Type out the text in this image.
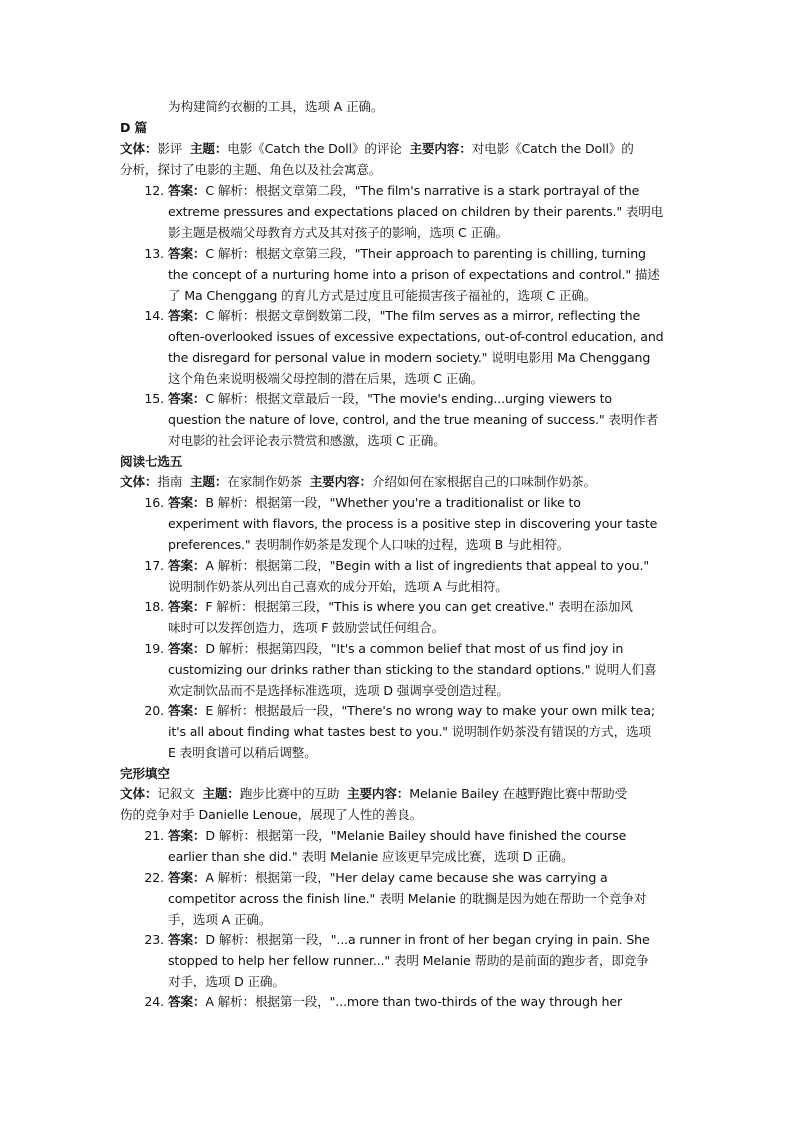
为构建简约衣橱的工具，选项 A 正确。
D 篇
文体：影评 主题：电影《Catch the Doll》的评论 主要内容：对电影《Catch the Doll》的
分析，探讨了电影的主题、角色以及社会寓意。
12. 答案：C 解析：根据文章第二段，"The film's narrative is a stark portrayal of the
extreme pressures and expectations placed on children by their parents." 表明电
影主题是极端父母教育方式及其对孩子的影响，选项 C 正确。
13. 答案：C 解析：根据文章第三段，"Their approach to parenting is chilling, turning
the concept of a nurturing home into a prison of expectations and control." 描述
了 Ma Chenggang 的育儿方式是过度且可能损害孩子福祉的，选项 C 正确。
14. 答案：C 解析：根据文章倒数第二段，"The film serves as a mirror, reflecting the
often-overlooked issues of excessive expectations, out-of-control education, and
the disregard for personal value in modern society." 说明电影用 Ma Chenggang
这个角色来说明极端父母控制的潜在后果，选项 C 正确。
15. 答案：C 解析：根据文章最后一段，"The movie's ending...urging viewers to
question the nature of love, control, and the true meaning of success." 表明作者
对电影的社会评论表示赞赏和感激，选项 C 正确。
阅读七选五
文体：指南 主题：在家制作奶茶 主要内容：介绍如何在家根据自己的口味制作奶茶。
16. 答案：B 解析：根据第一段，"Whether you're a traditionalist or like to
experiment with flavors, the process is a positive step in discovering your taste
preferences." 表明制作奶茶是发现个人口味的过程，选项 B 与此相符。
17. 答案：A 解析：根据第二段，"Begin with a list of ingredients that appeal to you."
说明制作奶茶从列出自己喜欢的成分开始，选项 A 与此相符。
18. 答案：F 解析：根据第三段，"This is where you can get creative." 表明在添加风
味时可以发挥创造力，选项 F 鼓励尝试任何组合。
19. 答案：D 解析：根据第四段，"It's a common belief that most of us find joy in
customizing our drinks rather than sticking to the standard options." 说明人们喜
欢定制饮品而不是选择标准选项，选项 D 强调享受创造过程。
20. 答案：E 解析：根据最后一段，"There's no wrong way to make your own milk tea;
it's all about finding what tastes best to you." 说明制作奶茶没有错误的方式，选项
E 表明食谱可以稍后调整。
完形填空
文体：记叙文 主题：跑步比赛中的互助 主要内容：Melanie Bailey 在越野跑比赛中帮助受
伤的竞争对手 Danielle Lenoue，展现了人性的善良。
21. 答案：D 解析：根据第一段，"Melanie Bailey should have finished the course
earlier than she did." 表明 Melanie 应该更早完成比赛，选项 D 正确。
22. 答案：A 解析：根据第一段，"Her delay came because she was carrying a
competitor across the finish line." 表明 Melanie 的耽搁是因为她在帮助一个竞争对
手，选项 A 正确。
23. 答案：D 解析：根据第一段，"...a runner in front of her began crying in pain. She
stopped to help her fellow runner..." 表明 Melanie 帮助的是前面的跑步者，即竞争
对手，选项 D 正确。
24. 答案：A 解析：根据第一段，"...more than two-thirds of the way through her
